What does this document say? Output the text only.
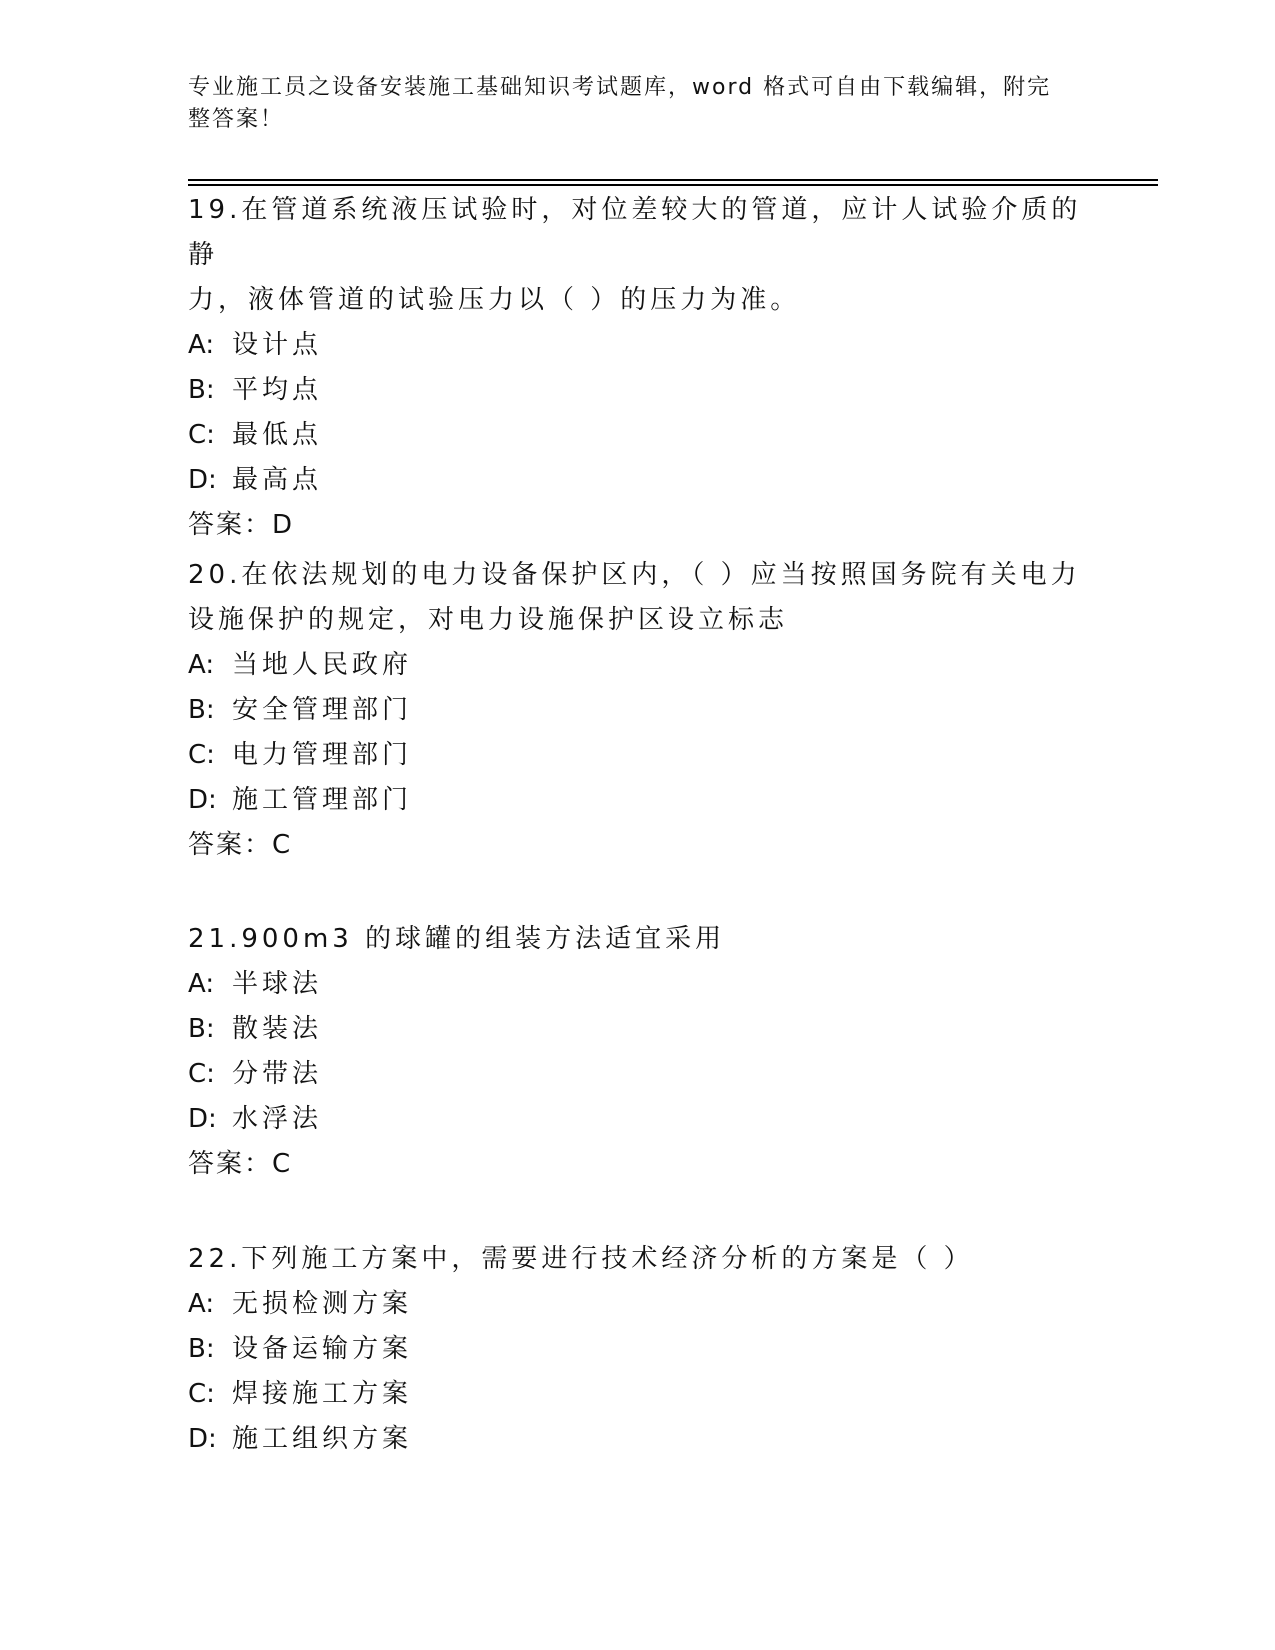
专业施工员之设备安装施工基础知识考试题库，word 格式可自由下载编辑，附完
整答案！

19.在管道系统液压试验时，对位差较大的管道，应计人试验介质的静

力，液体管道的试验压力以（ ）的压力为准。

A: 设计点

B: 平均点

C: 最低点

D: 最高点

答案：D

20.在依法规划的电力设备保护区内，（ ）应当按照国务院有关电力

设施保护的规定，对电力设施保护区设立标志

A: 当地人民政府

B: 安全管理部门

C: 电力管理部门

D: 施工管理部门

答案：C

21.900m3 的球罐的组装方法适宜采用

A: 半球法

B: 散装法

C: 分带法

D: 水浮法

答案：C

22.下列施工方案中，需要进行技术经济分析的方案是（ ）

A: 无损检测方案

B: 设备运输方案

C: 焊接施工方案

D: 施工组织方案
